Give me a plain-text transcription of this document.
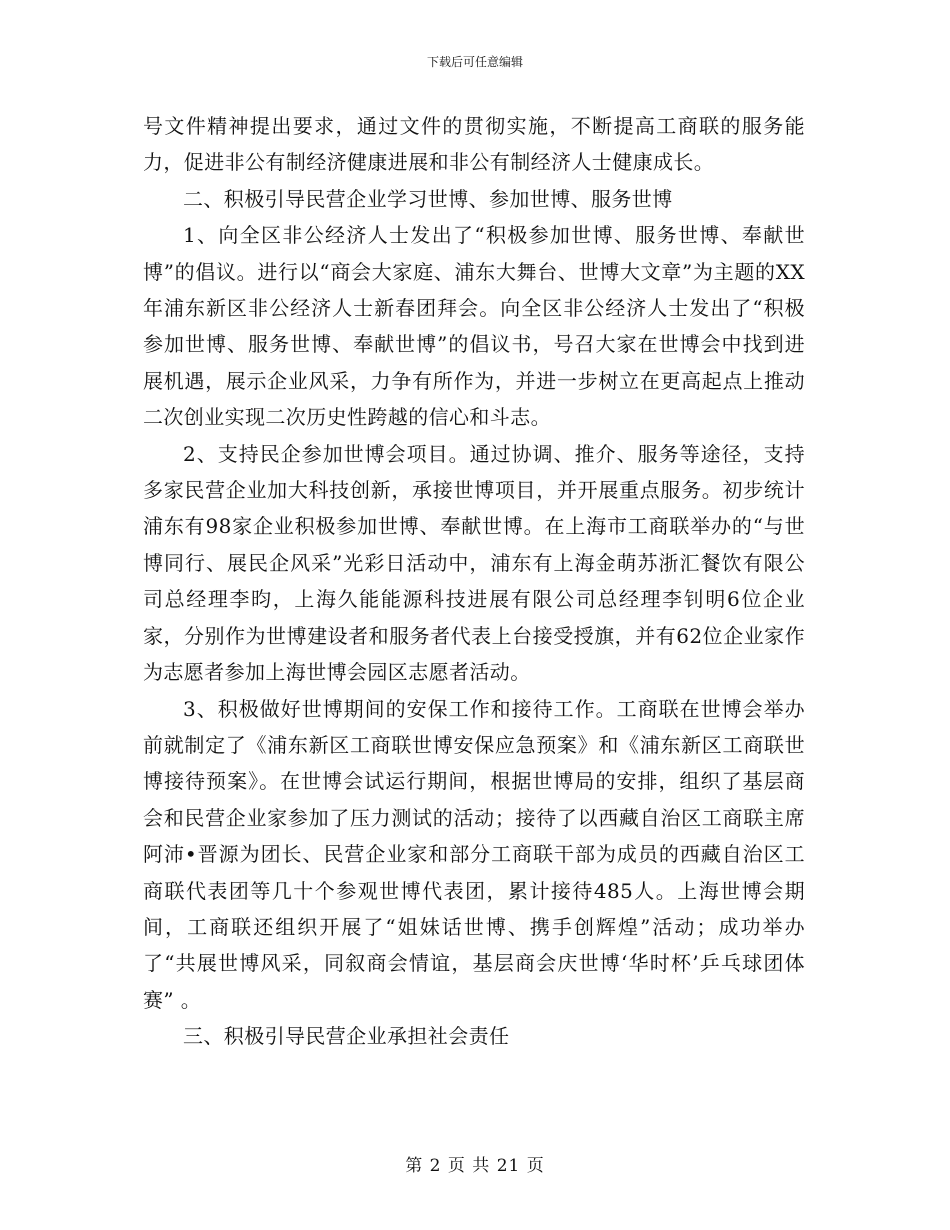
下载后可任意编辑

号文件精神提出要求，通过文件的贯彻实施，不断提高工商联的服务能力，促进非公有制经济健康进展和非公有制经济人士健康成长。

二、积极引导民营企业学习世博、参加世博、服务世博

1、向全区非公经济人士发出了“积极参加世博、服务世博、奉献世博”的倡议。进行以“商会大家庭、浦东大舞台、世博大文章”为主题的XX年浦东新区非公经济人士新春团拜会。向全区非公经济人士发出了“积极参加世博、服务世博、奉献世博”的倡议书，号召大家在世博会中找到进展机遇，展示企业风采，力争有所作为，并进一步树立在更高起点上推动二次创业实现二次历史性跨越的信心和斗志。

2、支持民企参加世博会项目。通过协调、推介、服务等途径，支持多家民营企业加大科技创新，承接世博项目，并开展重点服务。初步统计浦东有98家企业积极参加世博、奉献世博。在上海市工商联举办的“与世博同行、展民企风采”光彩日活动中，浦东有上海金萌苏浙汇餐饮有限公司总经理李昀，上海久能能源科技进展有限公司总经理李钊明6位企业家，分别作为世博建设者和服务者代表上台接受授旗，并有62位企业家作为志愿者参加上海世博会园区志愿者活动。

3、积极做好世博期间的安保工作和接待工作。工商联在世博会举办前就制定了《浦东新区工商联世博安保应急预案》和《浦东新区工商联世博接待预案》。在世博会试运行期间，根据世博局的安排，组织了基层商会和民营企业家参加了压力测试的活动；接待了以西藏自治区工商联主席阿沛•晋源为团长、民营企业家和部分工商联干部为成员的西藏自治区工商联代表团等几十个参观世博代表团，累计接待485人。上海世博会期间，工商联还组织开展了“姐妹话世博、携手创辉煌”活动；成功举办了“共展世博风采，同叙商会情谊，基层商会庆世博‘华时杯’乒乓球团体赛” 。

三、积极引导民营企业承担社会责任

第 2 页 共 21 页
